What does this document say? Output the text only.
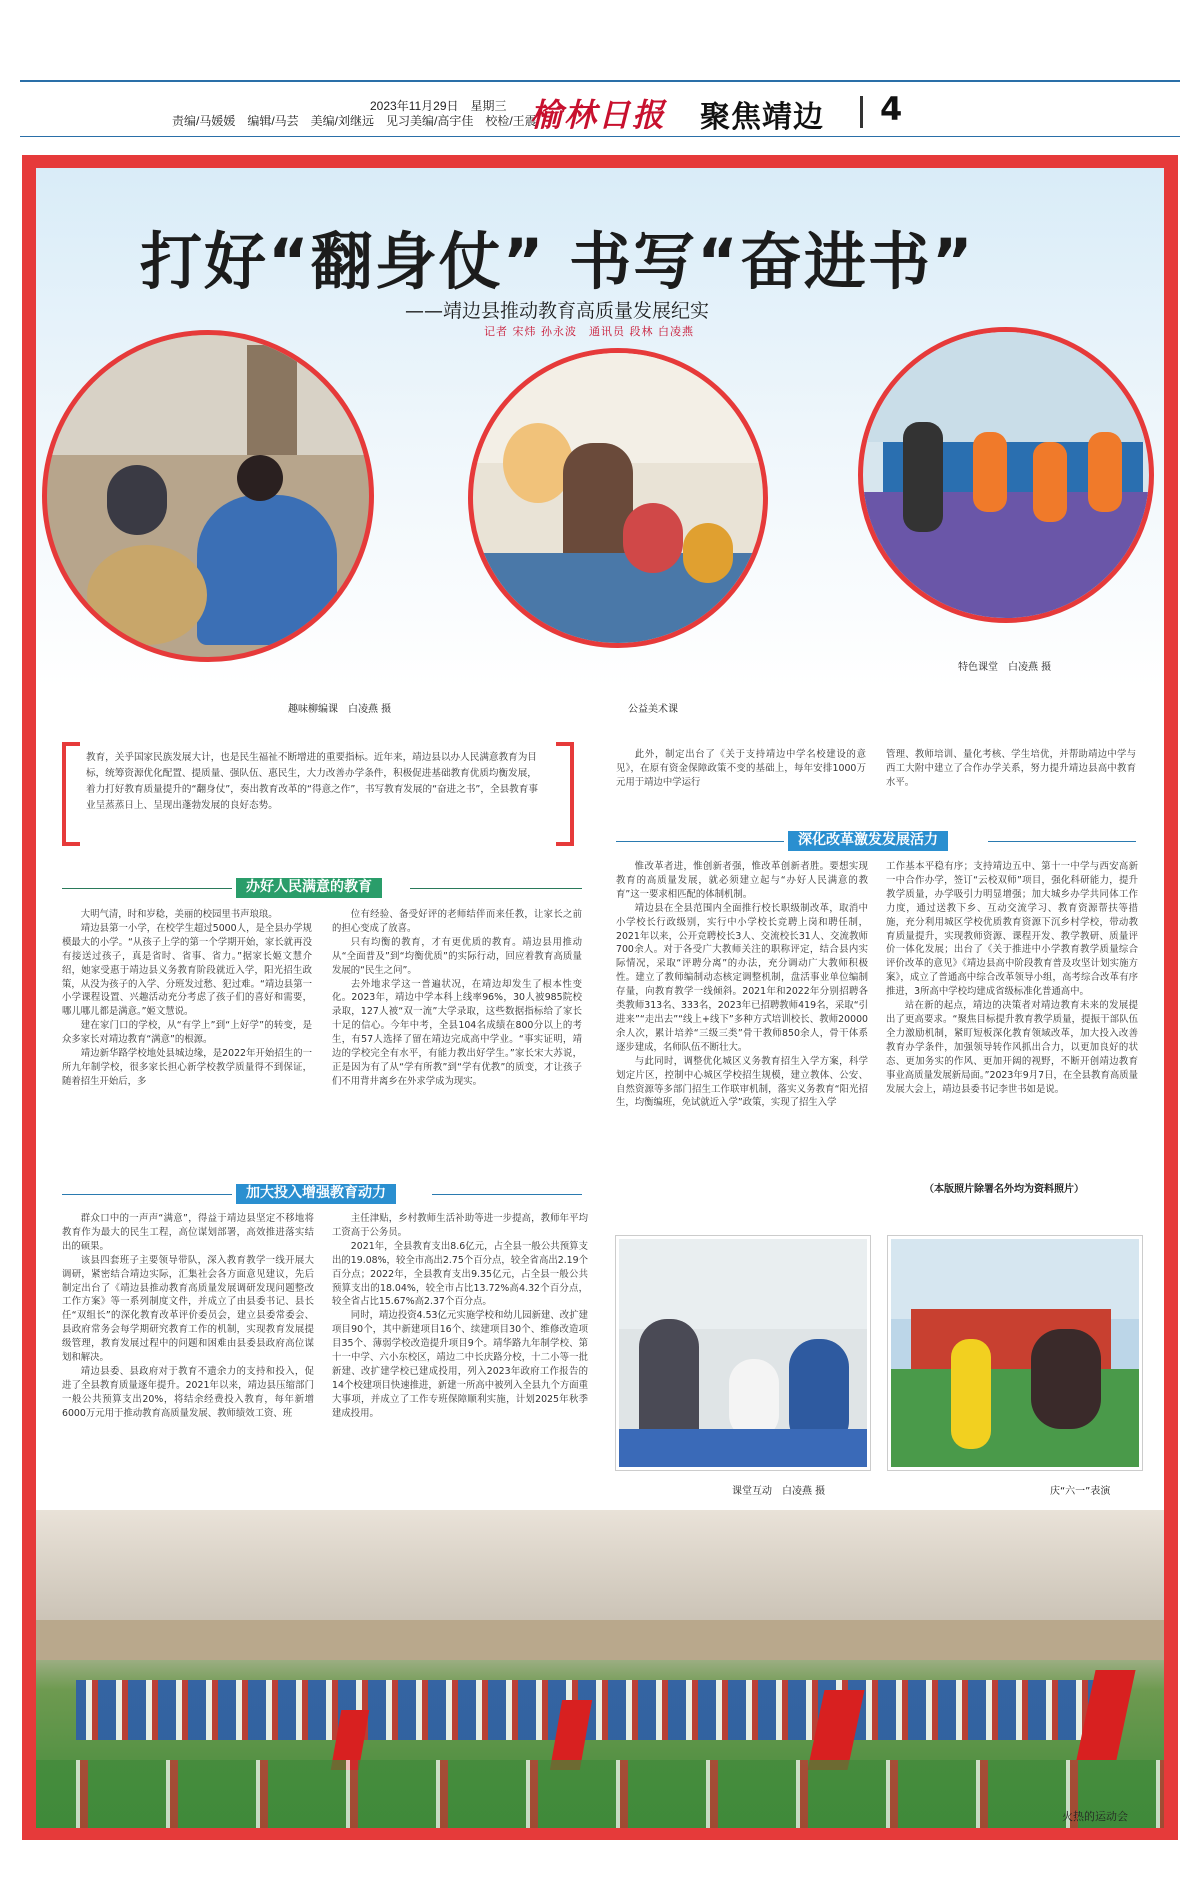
2023年11月29日　星期三
责编/马媛媛　编辑/马芸　美编/刘继远　见习美编/高宇佳　校检/王震
榆林日报 聚焦靖边 4
打好“翻身仗” 书写“奋进书”
——靖边县推动教育高质量发展纪实
记者 宋炜 孙永波　通讯员 段林 白凌燕
趣味柳编课　白凌燕 摄	公益美术课
特色课堂　白凌燕 摄
教育，关乎国家民族发展大计，也是民生福祉不断增进的重要指标。近年来，靖边县以办人民满意教育为目标，统筹资源优化配置、提质量、强队伍、惠民生，大力改善办学条件，积极促进基础教育优质均衡发展，着力打好教育质量提升的“翻身仗”，奏出教育改革的“得意之作”，书写教育发展的“奋进之书”，全县教育事业呈蒸蒸日上、呈现出蓬勃发展的良好态势。
办好人民满意的教育

大明气清，时和岁稔，美丽的校园里书声琅琅。

靖边县第一小学，在校学生超过5000人，是全县办学规模最大的小学。“从孩子上学的第一个学期开始，家长就再没有接送过孩子，真是省时、省事、省力。”据家长姬文慧介绍，她家受惠于靖边县义务教育阶段就近入学，阳光招生政策，从没为孩子的入学、分班发过愁、犯过难。“靖边县第一小学课程设置、兴趣活动充分考虑了孩子们的喜好和需要，哪儿哪儿都是满意。”姬文慧说。

建在家门口的学校，从“有学上”到“上好学”的转变，是众多家长对靖边教育“满意”的根源。

靖边新华路学校地处县城边缘，是2022年开始招生的一所九年制学校，很多家长担心新学校教学质量得不到保证，随着招生开始后，多

位有经验、备受好评的老师结伴而来任教，让家长之前的担心变成了放喜。

只有均衡的教育，才有更优质的教育。靖边县用推动从“全面普及”到“均衡优质”的实际行动，回应着教育高质量发展的“民生之问”。

去外地求学这一普遍状况，在靖边却发生了根本性变化。2023年，靖边中学本科上线率96%，30人被985院校录取，127人被“双一流”大学录取，这些数据指标给了家长十足的信心。今年中考，全县104名成绩在800分以上的考生，有57人选择了留在靖边完成高中学业。“事实证明，靖边的学校完全有水平，有能力教出好学生。”家长宋大苏说，正是因为有了从“学有所教”到“学有优教”的质变，才让孩子们不用背井离乡在外求学成为现实。

加大投入增强教育动力

群众口中的一声声“满意”，得益于靖边县坚定不移地将教育作为最大的民生工程，高位谋划部署，高效推进落实结出的硕果。

该县四套班子主要领导带队，深入教育教学一线开展大调研，紧密结合靖边实际，汇集社会各方面意见建议，先后制定出台了《靖边县推动教育高质量发展调研发现问题整改工作方案》等一系列制度文件，并成立了由县委书记、县长任“双组长”的深化教育改革评价委员会，建立县委常委会、县政府常务会每学期研究教育工作的机制，实现教育发展提级管理，教育发展过程中的问题和困难由县委县政府高位谋划和解决。

靖边县委、县政府对于教育不遗余力的支持和投入，促进了全县教育质量逐年提升。2021年以来，靖边县压缩部门一般公共预算支出20%，将结余经费投入教育，每年新增6000万元用于推动教育高质量发展、教师绩效工资、班

主任津贴，乡村教师生活补助等进一步提高，教师年平均工资高于公务员。

2021年，全县教育支出8.6亿元，占全县一般公共预算支出的19.08%，较全市高出2.75个百分点，较全省高出2.19个百分点；2022年，全县教育支出9.35亿元，占全县一般公共预算支出的18.04%，较全市占比13.72%高4.32个百分点，较全省占比15.67%高2.37个百分点。

同时，靖边投资4.53亿元实施学校和幼儿园新建、改扩建项目90个，其中新建项目16个、续建项目30个、维修改造项目35个、薄弱学校改造提升项目9个。靖华路九年制学校、第十一中学、六小东校区，靖边二中长庆路分校，十二小等一批新建、改扩建学校已建成投用，列入2023年政府工作报告的14个校建项目快速推进，新建一所高中被列入全县九个方面重大事项，并成立了工作专班保障顺利实施，计划2025年秋季建成投用。

此外，制定出台了《关于支持靖边中学名校建设的意见》，在原有资金保障政策不变的基础上，每年安排1000万元用于靖边中学运行

管理、教师培训、量化考核、学生培优，并帮助靖边中学与西工大附中建立了合作办学关系，努力提升靖边县高中教育水平。

深化改革激发发展活力

惟改革者进，惟创新者强，惟改革创新者胜。要想实现教育的高质量发展，就必须建立起与“办好人民满意的教育”这一要求相匹配的体制机制。

靖边县在全县范围内全面推行校长职级制改革，取消中小学校长行政级别，实行中小学校长竞聘上岗和聘任制，2021年以来，公开竞聘校长3人、交流校长31人、交流教师700余人。对于各受广大教师关注的职称评定，结合县内实际情况，采取“评聘分离”的办法，充分调动广大教师积极性。建立了教师编制动态核定调整机制，盘活事业单位编制存量，向教育教学一线倾斜。2021年和2022年分别招聘各类教师313名、333名，2023年已招聘教师419名，采取“引进来”“走出去”“线上+线下”多种方式培训校长、教师20000余人次，累计培养“三级三类”骨干教师850余人，骨干体系逐步建成，名师队伍不断壮大。

与此同时，调整优化城区义务教育招生入学方案，科学划定片区，控制中心城区学校招生规模，建立教体、公安、自然资源等多部门招生工作联审机制，落实义务教育“阳光招生，均衡编班，免试就近入学”政策，实现了招生入学

工作基本平稳有序；支持靖边五中、第十一中学与西安高新一中合作办学，签订“云校双师”项目，强化科研能力，提升教学质量，办学吸引力明显增强；加大城乡办学共同体工作力度，通过送教下乡、互动交流学习、教育资源帮扶等措施，充分利用城区学校优质教育资源下沉乡村学校，带动教育质量提升，实现教师资源、课程开发、教学教研、质量评价一体化发展；出台了《关于推进中小学教育教学质量综合评价改革的意见》《靖边县高中阶段教育普及攻坚计划实施方案》，成立了普通高中综合改革领导小组，高考综合改革有序推进，3所高中学校均建成省级标准化普通高中。

站在新的起点，靖边的决策者对靖边教育未来的发展提出了更高要求。“聚焦目标提升教育教学质量，提振干部队伍全力激励机制，紧盯短板深化教育领域改革，加大投入改善教育办学条件，加强领导转作风抓出合力，以更加良好的状态、更加务实的作风、更加开阔的视野，不断开创靖边教育事业高质量发展新局面。”2023年9月7日，在全县教育高质量发展大会上，靖边县委书记李世书如是说。

（本版照片除署名外均为资料照片）
课堂互动　白凌燕 摄	庆“六一”表演
火热的运动会
